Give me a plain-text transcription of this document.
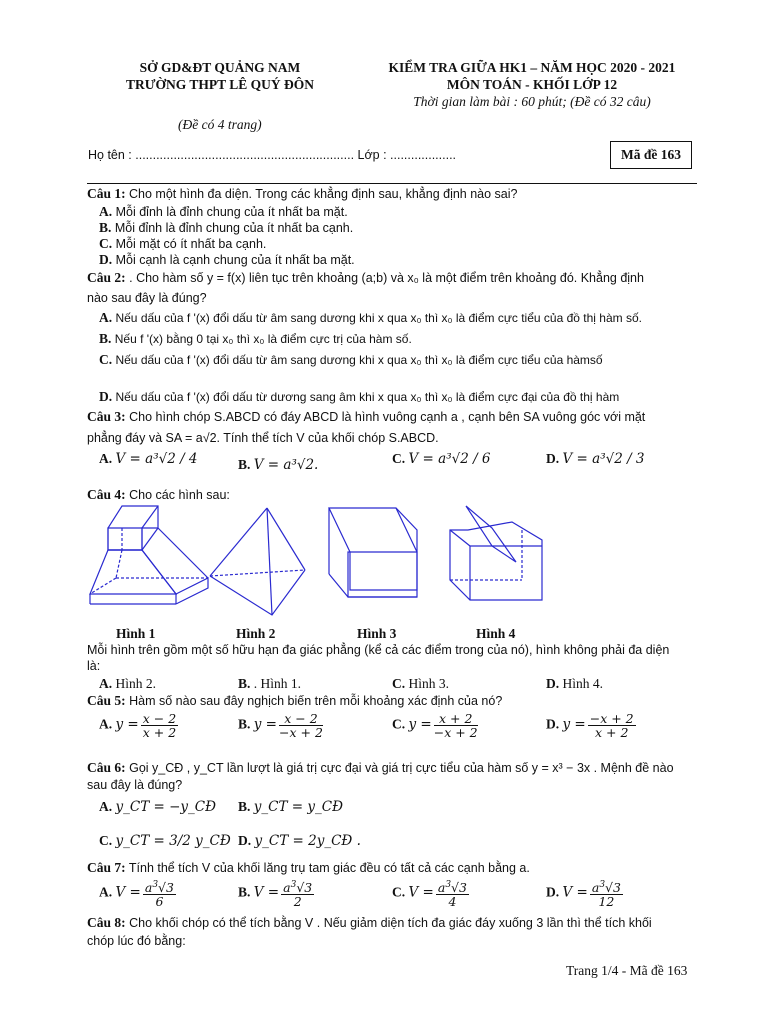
SỞ GD&ĐT QUẢNG NAM
TRƯỜNG THPT LÊ QUÝ ĐÔN
(Đề có 4 trang)
KIỂM TRA GIỮA HK1 – NĂM HỌC 2020 - 2021
MÔN TOÁN - KHỐI LỚP 12
Thời gian làm bài : 60 phút; (Đề có 32 câu)
Họ tên : ............................................................... Lớp : ...................	Mã đề 163
Câu 1: Cho một hình đa diện. Trong các khẳng định sau, khẳng định nào sai?
A. Mỗi đỉnh là đỉnh chung của ít nhất ba mặt.
B. Mỗi đỉnh là đỉnh chung của ít nhất ba cạnh.
C. Mỗi mặt có ít nhất ba cạnh.
D. Mỗi cạnh là cạnh chung của ít nhất ba mặt.
Câu 2: . Cho hàm số y = f(x) liên tục trên khoảng (a;b) và x₀ là một điểm trên khoảng đó. Khẳng định
nào sau đây là đúng?
A. Nếu dấu của f '(x) đổi dấu từ âm sang dương khi x qua x₀ thì x₀ là điểm cực tiểu của đồ thị hàm số.
B. Nếu f '(x) bằng 0 tại x₀ thì x₀ là điểm cực trị của hàm số.
C. Nếu dấu của f '(x) đổi dấu từ âm sang dương khi x qua x₀ thì x₀ là điểm cực tiểu của hàmsố
D. Nếu dấu của f '(x) đổi dấu từ dương sang âm khi x qua x₀ thì x₀ là điểm cực đại của đồ thị hàm
Câu 3: Cho hình chóp S.ABCD có đáy ABCD là hình vuông cạnh a , cạnh bên SA vuông góc với mặt
phẳng đáy và SA = a√2. Tính thể tích V của khối chóp S.ABCD.
A. V = a³√2 / 4	B. V = a³√2.	C. V = a³√2 / 6	D. V = a³√2 / 3
Câu 4: Cho các hình sau:
Hình 1	Hình 2	Hình 3	Hình 4
Mỗi hình trên gồm một số hữu hạn đa giác phẳng (kể cả các điểm trong của nó), hình không phải đa diện
là:
A. Hình 2.	B. . Hình 1.	C. Hình 3.	D. Hình 4.
Câu 5: Hàm số nào sau đây nghịch biến trên mỗi khoảng xác định của nó?
A. $y = \frac{x - 2}{x + 2}$	B. $y = \frac{x - 2}{-x + 2}$	C. $y = \frac{x + 2}{-x + 2}$	D. $y = \frac{-x + 2}{x + 2}$
Câu 6: Gọi y_CĐ , y_CT lần lượt là giá trị cực đại và giá trị cực tiểu của hàm số y = x³ − 3x . Mệnh đề nào
sau đây là đúng?
A. y_CT = −y_CĐ B. y_CT = y_CĐ
C. y_CT = 3/2 y_CĐ D. y_CT = 2y_CĐ .
Câu 7: Tính thể tích V của khối lăng trụ tam giác đều có tất cả các cạnh bằng a.
A. $V = \frac{a^3√3}{6}$	B. $V = \frac{a^3√3}{2}$	C. $V = \frac{a^3√3}{4}$	D. $V = \frac{a^3√3}{12}$
Câu 8: Cho khối chóp có thể tích bằng V . Nếu giảm diện tích đa giác đáy xuống 3 lần thì thể tích khối
chóp lúc đó bằng:
Trang 1/4 - Mã đề 163
